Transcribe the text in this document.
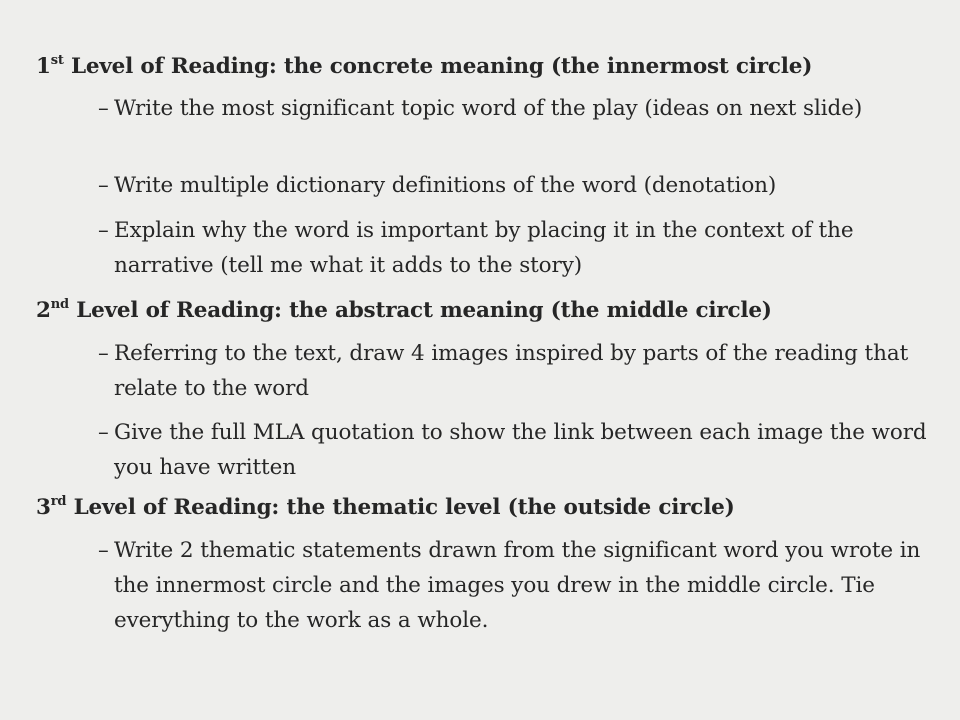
1st Level of Reading: the concrete meaning (the innermost circle)
– Write the most significant topic word of the play (ideas on next slide)
– Write multiple dictionary definitions of the word (denotation)
– Explain why the word is important by placing it in the context of the narrative (tell me what it adds to the story)
2nd Level of Reading: the abstract meaning (the middle circle)
– Referring to the text, draw 4 images inspired by parts of the reading that relate to the word
– Give the full MLA quotation to show the link between each image the word you have written
3rd Level of Reading: the thematic level (the outside circle)
– Write 2 thematic statements drawn from the significant word you wrote in the innermost circle and the images you drew in the middle circle. Tie everything to the work as a whole.
